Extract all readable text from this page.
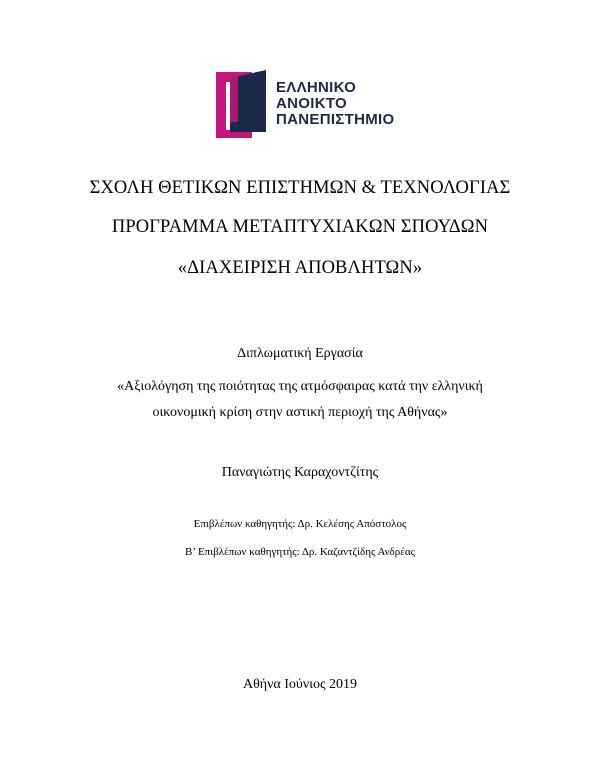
ΕΛΛΗΝΙΚΟ
ΑΝΟΙΚΤΟ
ΠΑΝΕΠΙΣΤΗΜΙΟ
ΣΧΟΛΗ ΘΕΤΙΚΩΝ ΕΠΙΣΤΗΜΩΝ & ΤΕΧΝΟΛΟΓΙΑΣ
ΠΡΟΓΡΑΜΜΑ ΜΕΤΑΠΤΥΧΙΑΚΩΝ ΣΠΟΥΔΩΝ
«ΔΙΑΧΕΙΡΙΣΗ ΑΠΟΒΛΗΤΩΝ»
Διπλωματική Εργασία
«Αξιολόγηση της ποιότητας της ατμόσφαιρας κατά την ελληνική
οικονομική κρίση στην αστική περιοχή της Αθήνας»
Παναγιώτης Καραχοντζίτης
Επιβλέπων καθηγητής: Δρ. Κελέσης Απόστολος
Β’ Επιβλέπων καθηγητής: Δρ. Καζαντζίδης Ανδρέας
Αθήνα Ιούνιος 2019
